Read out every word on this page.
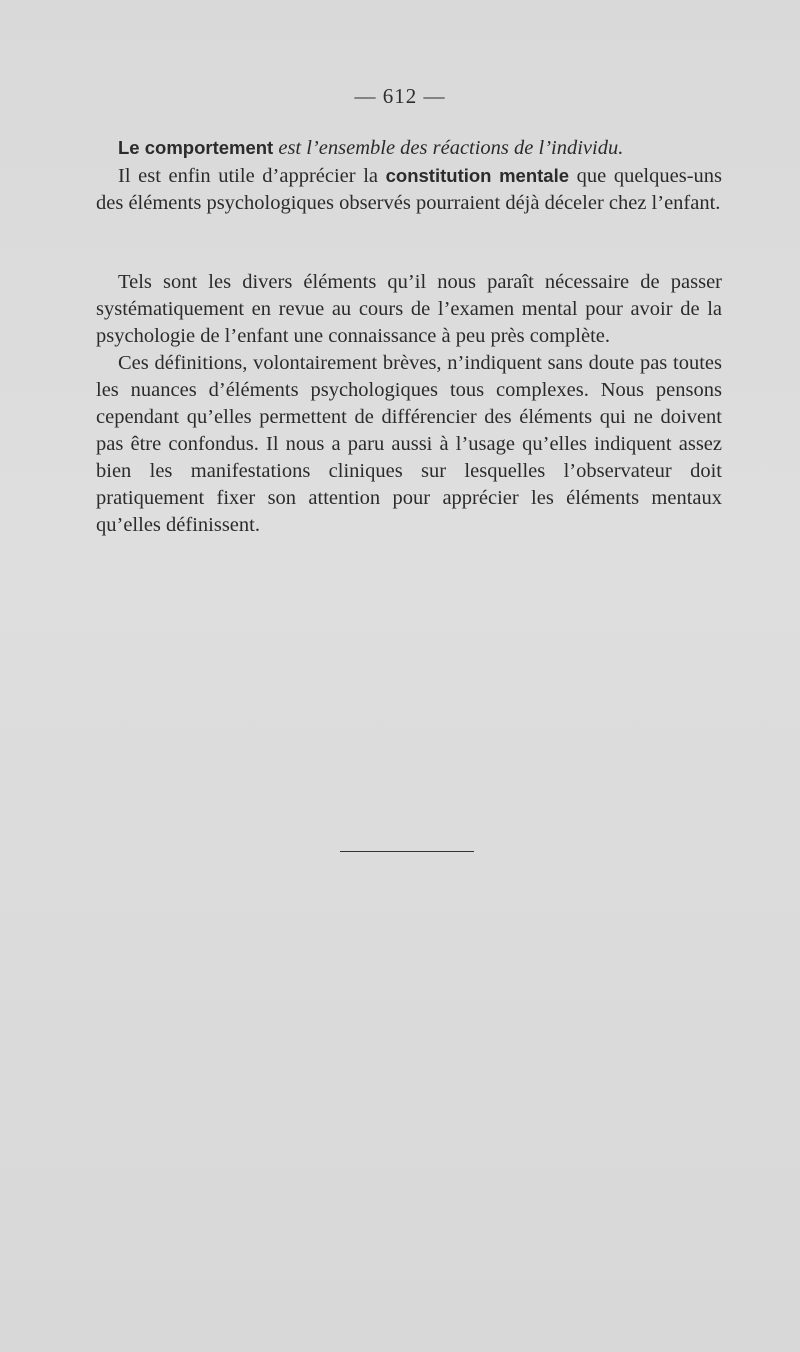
— 612 —

Le comportement est l’ensemble des réactions de l’individu.

Il est enfin utile d’apprécier la constitution mentale que quelques-uns des éléments psychologiques observés pourraient déjà déceler chez l’enfant.

Tels sont les divers éléments qu’il nous paraît nécessaire de passer systématiquement en revue au cours de l’examen mental pour avoir de la psychologie de l’enfant une connaissance à peu près complète.

Ces définitions, volontairement brèves, n’indiquent sans doute pas toutes les nuances d’éléments psychologiques tous complexes. Nous pensons cependant qu’elles permettent de différencier des éléments qui ne doivent pas être confondus. Il nous a paru aussi à l’usage qu’elles indiquent assez bien les manifestations cliniques sur lesquelles l’observateur doit pratiquement fixer son attention pour apprécier les éléments mentaux qu’elles définissent.
